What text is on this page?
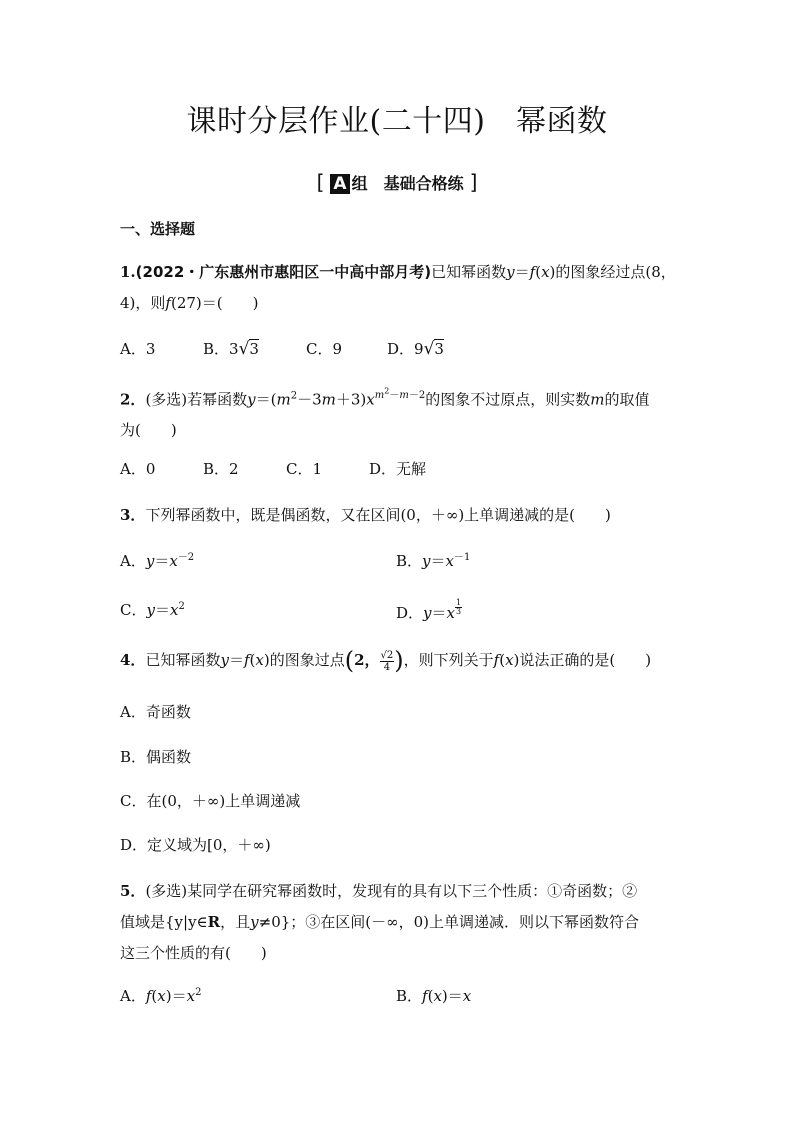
课时分层作业(二十四)　幂函数
[ A 组　基础合格练 ]
一、选择题
1.(2022・广东惠州市惠阳区一中高中部月考)已知幂函数y＝f(x)的图象经过点(8，
4)，则f(27)＝(　　)
A．3	B．3√3	C．9	D．9√3
2．(多选)若幂函数$y=(m^2-3m+3)x^{m^2-m-2}$的图象不过原点，则实数m的取值
为(　　)
A．0	B．2	C．1	D．无解
3．下列幂函数中，既是偶函数，又在区间(0，＋∞)上单调递减的是(　　)
A．$y=x^{-2}$	B．$y=x^{-1}$
C．$y=x^2$	D．y＝x $^{\frac{1}{3}}$
4．已知幂函数y＝f(x)的图象过点(2， $\frac{√2}{4}$ )，则下列关于f(x)说法正确的是(　　)
A．奇函数
B．偶函数
C．在(0，＋∞)上单调递减
D．定义域为[0，＋∞)
5．(多选)某同学在研究幂函数时，发现有的具有以下三个性质：①奇函数；②
值域是{y|y∈R，且y≠0}；③在区间(－∞，0)上单调递减．则以下幂函数符合
这三个性质的有(　　)
A．$f(x)=x^2$	B．f(x)＝x
